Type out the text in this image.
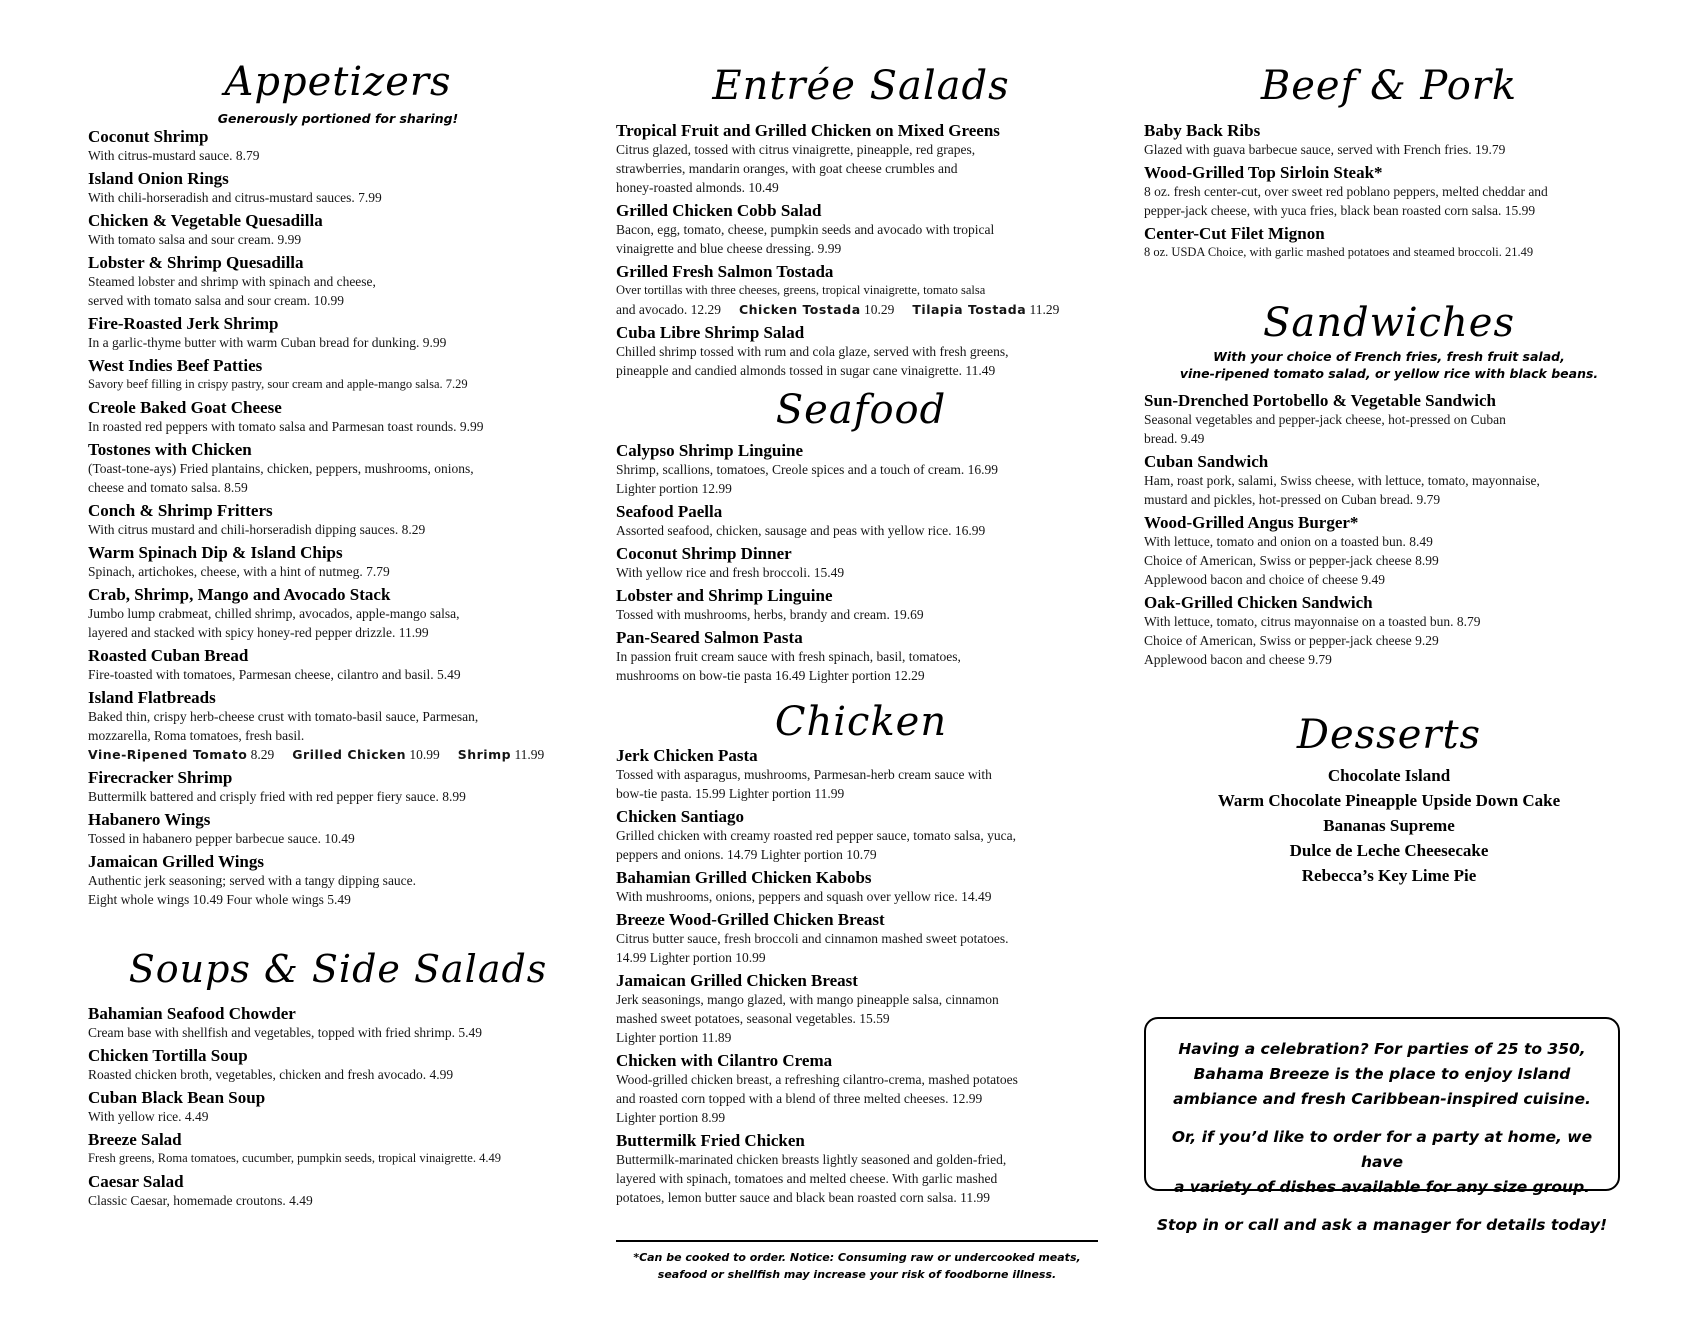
Appetizers
Generously portioned for sharing!
Coconut Shrimp
With citrus-mustard sauce. 8.79
Island Onion Rings
With chili-horseradish and citrus-mustard sauces. 7.99
Chicken & Vegetable Quesadilla
With tomato salsa and sour cream. 9.99
Lobster & Shrimp Quesadilla
Steamed lobster and shrimp with spinach and cheese,
served with tomato salsa and sour cream. 10.99
Fire-Roasted Jerk Shrimp
In a garlic-thyme butter with warm Cuban bread for dunking. 9.99
West Indies Beef Patties
Savory beef filling in crispy pastry, sour cream and apple-mango salsa. 7.29
Creole Baked Goat Cheese
In roasted red peppers with tomato salsa and Parmesan toast rounds. 9.99
Tostones with Chicken
(Toast-tone-ays) Fried plantains, chicken, peppers, mushrooms, onions,
cheese and tomato salsa. 8.59
Conch & Shrimp Fritters
With citrus mustard and chili-horseradish dipping sauces. 8.29
Warm Spinach Dip & Island Chips
Spinach, artichokes, cheese, with a hint of nutmeg. 7.79
Crab, Shrimp, Mango and Avocado Stack
Jumbo lump crabmeat, chilled shrimp, avocados, apple-mango salsa,
layered and stacked with spicy honey-red pepper drizzle. 11.99
Roasted Cuban Bread
Fire-toasted with tomatoes, Parmesan cheese, cilantro and basil. 5.49
Island Flatbreads
Baked thin, crispy herb-cheese crust with tomato-basil sauce, Parmesan,
mozzarella, Roma tomatoes, fresh basil.
Vine-Ripened Tomato 8.29 Grilled Chicken 10.99 Shrimp 11.99
Firecracker Shrimp
Buttermilk battered and crisply fried with red pepper fiery sauce. 8.99
Habanero Wings
Tossed in habanero pepper barbecue sauce. 10.49
Jamaican Grilled Wings
Authentic jerk seasoning; served with a tangy dipping sauce.
Eight whole wings 10.49 Four whole wings 5.49
Soups & Side Salads
Bahamian Seafood Chowder
Cream base with shellfish and vegetables, topped with fried shrimp. 5.49
Chicken Tortilla Soup
Roasted chicken broth, vegetables, chicken and fresh avocado. 4.99
Cuban Black Bean Soup
With yellow rice. 4.49
Breeze Salad
Fresh greens, Roma tomatoes, cucumber, pumpkin seeds, tropical vinaigrette. 4.49
Caesar Salad
Classic Caesar, homemade croutons. 4.49
Entrée Salads
Tropical Fruit and Grilled Chicken on Mixed Greens
Citrus glazed, tossed with citrus vinaigrette, pineapple, red grapes,
strawberries, mandarin oranges, with goat cheese crumbles and
honey-roasted almonds. 10.49
Grilled Chicken Cobb Salad
Bacon, egg, tomato, cheese, pumpkin seeds and avocado with tropical
vinaigrette and blue cheese dressing. 9.99
Grilled Fresh Salmon Tostada
Over tortillas with three cheeses, greens, tropical vinaigrette, tomato salsa
and avocado. 12.29 Chicken Tostada 10.29 Tilapia Tostada 11.29
Cuba Libre Shrimp Salad
Chilled shrimp tossed with rum and cola glaze, served with fresh greens,
pineapple and candied almonds tossed in sugar cane vinaigrette. 11.49
Seafood
Calypso Shrimp Linguine
Shrimp, scallions, tomatoes, Creole spices and a touch of cream. 16.99
Lighter portion 12.99
Seafood Paella
Assorted seafood, chicken, sausage and peas with yellow rice. 16.99
Coconut Shrimp Dinner
With yellow rice and fresh broccoli. 15.49
Lobster and Shrimp Linguine
Tossed with mushrooms, herbs, brandy and cream. 19.69
Pan-Seared Salmon Pasta
In passion fruit cream sauce with fresh spinach, basil, tomatoes,
mushrooms on bow-tie pasta 16.49 Lighter portion 12.29
Chicken
Jerk Chicken Pasta
Tossed with asparagus, mushrooms, Parmesan-herb cream sauce with
bow-tie pasta. 15.99 Lighter portion 11.99
Chicken Santiago
Grilled chicken with creamy roasted red pepper sauce, tomato salsa, yuca,
peppers and onions. 14.79 Lighter portion 10.79
Bahamian Grilled Chicken Kabobs
With mushrooms, onions, peppers and squash over yellow rice. 14.49
Breeze Wood-Grilled Chicken Breast
Citrus butter sauce, fresh broccoli and cinnamon mashed sweet potatoes.
14.99 Lighter portion 10.99
Jamaican Grilled Chicken Breast
Jerk seasonings, mango glazed, with mango pineapple salsa, cinnamon
mashed sweet potatoes, seasonal vegetables. 15.59
Lighter portion 11.89
Chicken with Cilantro Crema
Wood-grilled chicken breast, a refreshing cilantro-crema, mashed potatoes
and roasted corn topped with a blend of three melted cheeses. 12.99
Lighter portion 8.99
Buttermilk Fried Chicken
Buttermilk-marinated chicken breasts lightly seasoned and golden-fried,
layered with spinach, tomatoes and melted cheese. With garlic mashed
potatoes, lemon butter sauce and black bean roasted corn salsa. 11.99
*Can be cooked to order. Notice: Consuming raw or undercooked meats,
seafood or shellfish may increase your risk of foodborne illness.
Beef & Pork
Baby Back Ribs
Glazed with guava barbecue sauce, served with French fries. 19.79
Wood-Grilled Top Sirloin Steak*
8 oz. fresh center-cut, over sweet red poblano peppers, melted cheddar and
pepper-jack cheese, with yuca fries, black bean roasted corn salsa. 15.99
Center-Cut Filet Mignon
8 oz. USDA Choice, with garlic mashed potatoes and steamed broccoli. 21.49
Sandwiches
With your choice of French fries, fresh fruit salad,
vine-ripened tomato salad, or yellow rice with black beans.
Sun-Drenched Portobello & Vegetable Sandwich
Seasonal vegetables and pepper-jack cheese, hot-pressed on Cuban
bread. 9.49
Cuban Sandwich
Ham, roast pork, salami, Swiss cheese, with lettuce, tomato, mayonnaise,
mustard and pickles, hot-pressed on Cuban bread. 9.79
Wood-Grilled Angus Burger*
With lettuce, tomato and onion on a toasted bun. 8.49
Choice of American, Swiss or pepper-jack cheese 8.99
Applewood bacon and choice of cheese 9.49
Oak-Grilled Chicken Sandwich
With lettuce, tomato, citrus mayonnaise on a toasted bun. 8.79
Choice of American, Swiss or pepper-jack cheese 9.29
Applewood bacon and cheese 9.79
Desserts
Chocolate Island
Warm Chocolate Pineapple Upside Down Cake
Bananas Supreme
Dulce de Leche Cheesecake
Rebecca’s Key Lime Pie
Having a celebration? For parties of 25 to 350,
Bahama Breeze is the place to enjoy Island
ambiance and fresh Caribbean-inspired cuisine.
Or, if you’d like to order for a party at home, we have
a variety of dishes available for any size group.
Stop in or call and ask a manager for details today!
